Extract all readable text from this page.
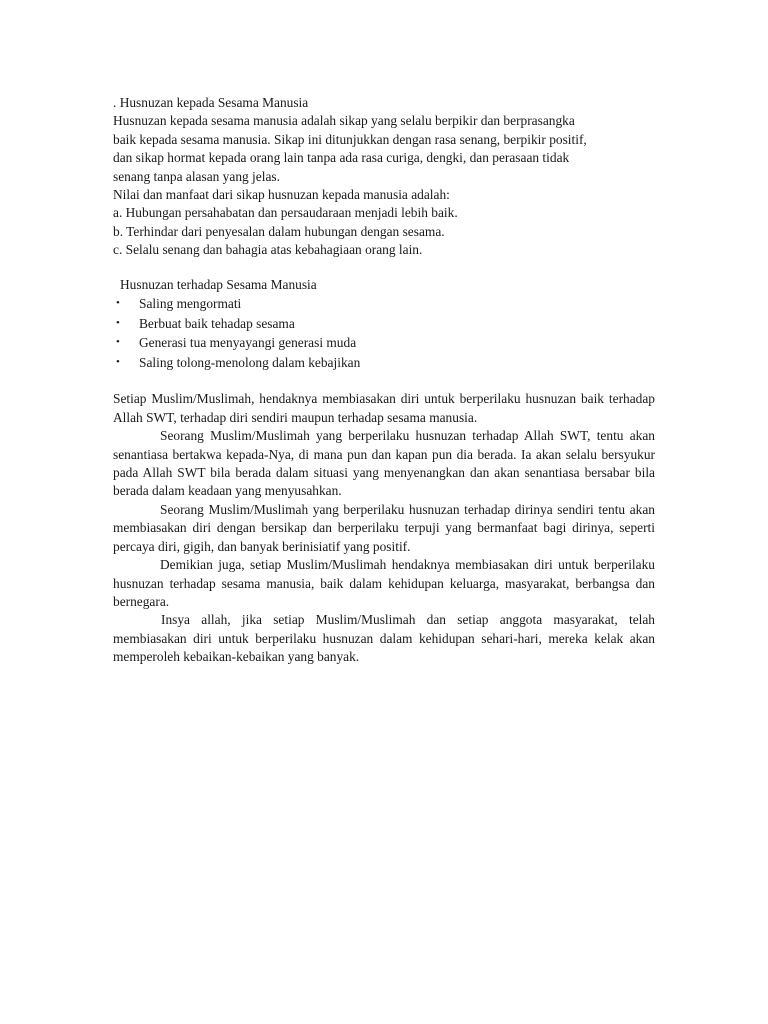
. Husnuzan kepada Sesama Manusia

Husnuzan kepada sesama manusia adalah sikap yang selalu berpikir dan berprasangka

baik kepada sesama manusia. Sikap ini ditunjukkan dengan rasa senang, berpikir positif,

dan sikap hormat kepada orang lain tanpa ada rasa curiga, dengki, dan perasaan tidak

senang tanpa alasan yang jelas.

Nilai dan manfaat dari sikap husnuzan kepada manusia adalah:

a. Hubungan persahabatan dan persaudaraan menjadi lebih baik.

b. Terhindar dari penyesalan dalam hubungan dengan sesama.

c. Selalu senang dan bahagia atas kebahagiaan orang lain.

Husnuzan terhadap Sesama Manusia

• Saling mengormati
• Berbuat baik tehadap sesama
• Generasi tua menyayangi generasi muda
• Saling tolong-menolong dalam kebajikan

Setiap Muslim/Muslimah, hendaknya membiasakan diri untuk berperilaku husnuzan baik terhadap Allah SWT, terhadap diri sendiri maupun terhadap sesama manusia.

Seorang Muslim/Muslimah yang berperilaku husnuzan terhadap Allah SWT, tentu akan senantiasa bertakwa kepada-Nya, di mana pun dan kapan pun dia berada. Ia akan selalu bersyukur pada Allah SWT bila berada dalam situasi yang menyenangkan dan akan senantiasa bersabar bila berada dalam keadaan yang menyusahkan.

Seorang Muslim/Muslimah yang berperilaku husnuzan terhadap dirinya sendiri tentu akan membiasakan diri dengan bersikap dan berperilaku terpuji yang bermanfaat bagi dirinya, seperti percaya diri, gigih, dan banyak berinisiatif yang positif.

Demikian juga, setiap Muslim/Muslimah hendaknya membiasakan diri untuk berperilaku husnuzan terhadap sesama manusia, baik dalam kehidupan keluarga, masyarakat, berbangsa dan bernegara.

Insya allah, jika setiap Muslim/Muslimah dan setiap anggota masyarakat, telah membiasakan diri untuk berperilaku husnuzan dalam kehidupan sehari-hari, mereka kelak akan memperoleh kebaikan-kebaikan yang banyak.
